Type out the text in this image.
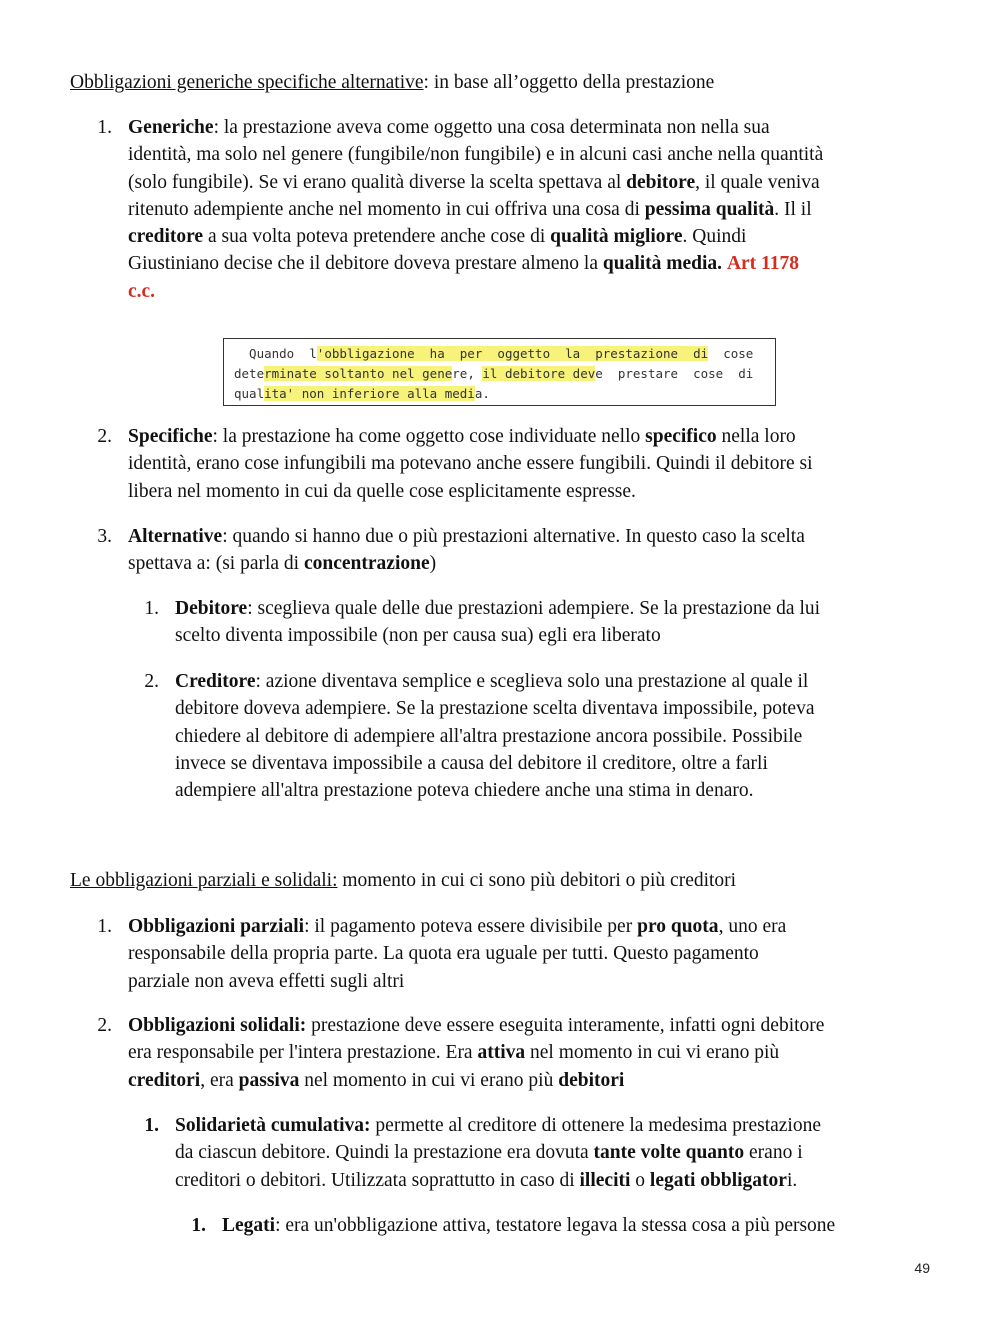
Obbligazioni generiche specifiche alternative: in base all’oggetto della prestazione
1. Generiche: la prestazione aveva come oggetto una cosa determinata non nella sua
identità, ma solo nel genere (fungibile/non fungibile) e in alcuni casi anche nella quantità
(solo fungibile). Se vi erano qualità diverse la scelta spettava al debitore, il quale veniva
ritenuto adempiente anche nel momento in cui offriva una cosa di pessima qualità. Il il
creditore a sua volta poteva pretendere anche cose di qualità migliore. Quindi
Giustiniano decise che il debitore doveva prestare almeno la qualità media. Art 1178
c.c.
Quando  l'obbligazione  ha  per  oggetto  la  prestazione  di  cose
determinate soltanto nel genere, il debitore deve  prestare  cose  di
qualita' non inferiore alla media.
2. Specifiche: la prestazione ha come oggetto cose individuate nello specifico nella loro
identità, erano cose infungibili ma potevano anche essere fungibili. Quindi il debitore si
libera nel momento in cui da quelle cose esplicitamente espresse.
3. Alternative: quando si hanno due o più prestazioni alternative. In questo caso la scelta
spettava a: (si parla di concentrazione)
1. Debitore: sceglieva quale delle due prestazioni adempiere. Se la prestazione da lui
scelto diventa impossibile (non per causa sua) egli era liberato
2. Creditore: azione diventava semplice e sceglieva solo una prestazione al quale il
debitore doveva adempiere. Se la prestazione scelta diventava impossibile, poteva
chiedere al debitore di adempiere all'altra prestazione ancora possibile. Possibile
invece se diventava impossibile a causa del debitore il creditore, oltre a farli
adempiere all'altra prestazione poteva chiedere anche una stima in denaro.
Le obbligazioni parziali e solidali: momento in cui ci sono più debitori o più creditori
1. Obbligazioni parziali: il pagamento poteva essere divisibile per pro quota, uno era
responsabile della propria parte. La quota era uguale per tutti. Questo pagamento
parziale non aveva effetti sugli altri
2. Obbligazioni solidali: prestazione deve essere eseguita interamente, infatti ogni debitore
era responsabile per l'intera prestazione. Era attiva nel momento in cui vi erano più
creditori, era passiva nel momento in cui vi erano più debitori
1. Solidarietà cumulativa: permette al creditore di ottenere la medesima prestazione
da ciascun debitore. Quindi la prestazione era dovuta tante volte quanto erano i
creditori o debitori. Utilizzata soprattutto in caso di illeciti o legati obbligatori.
1. Legati: era un'obbligazione attiva, testatore legava la stessa cosa a più persone
49
